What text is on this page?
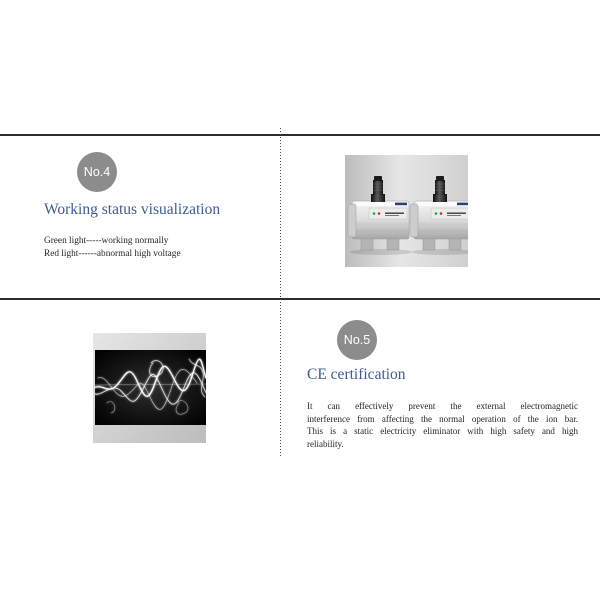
No.4
Working status visualization
Green light-----working normally
Red light------abnormal high voltage
No.5
CE certification
It can effectively prevent the external electromagnetic
interference from affecting the normal operation of the ion bar.
This is a static electricity eliminator with high safety and high
reliability.
